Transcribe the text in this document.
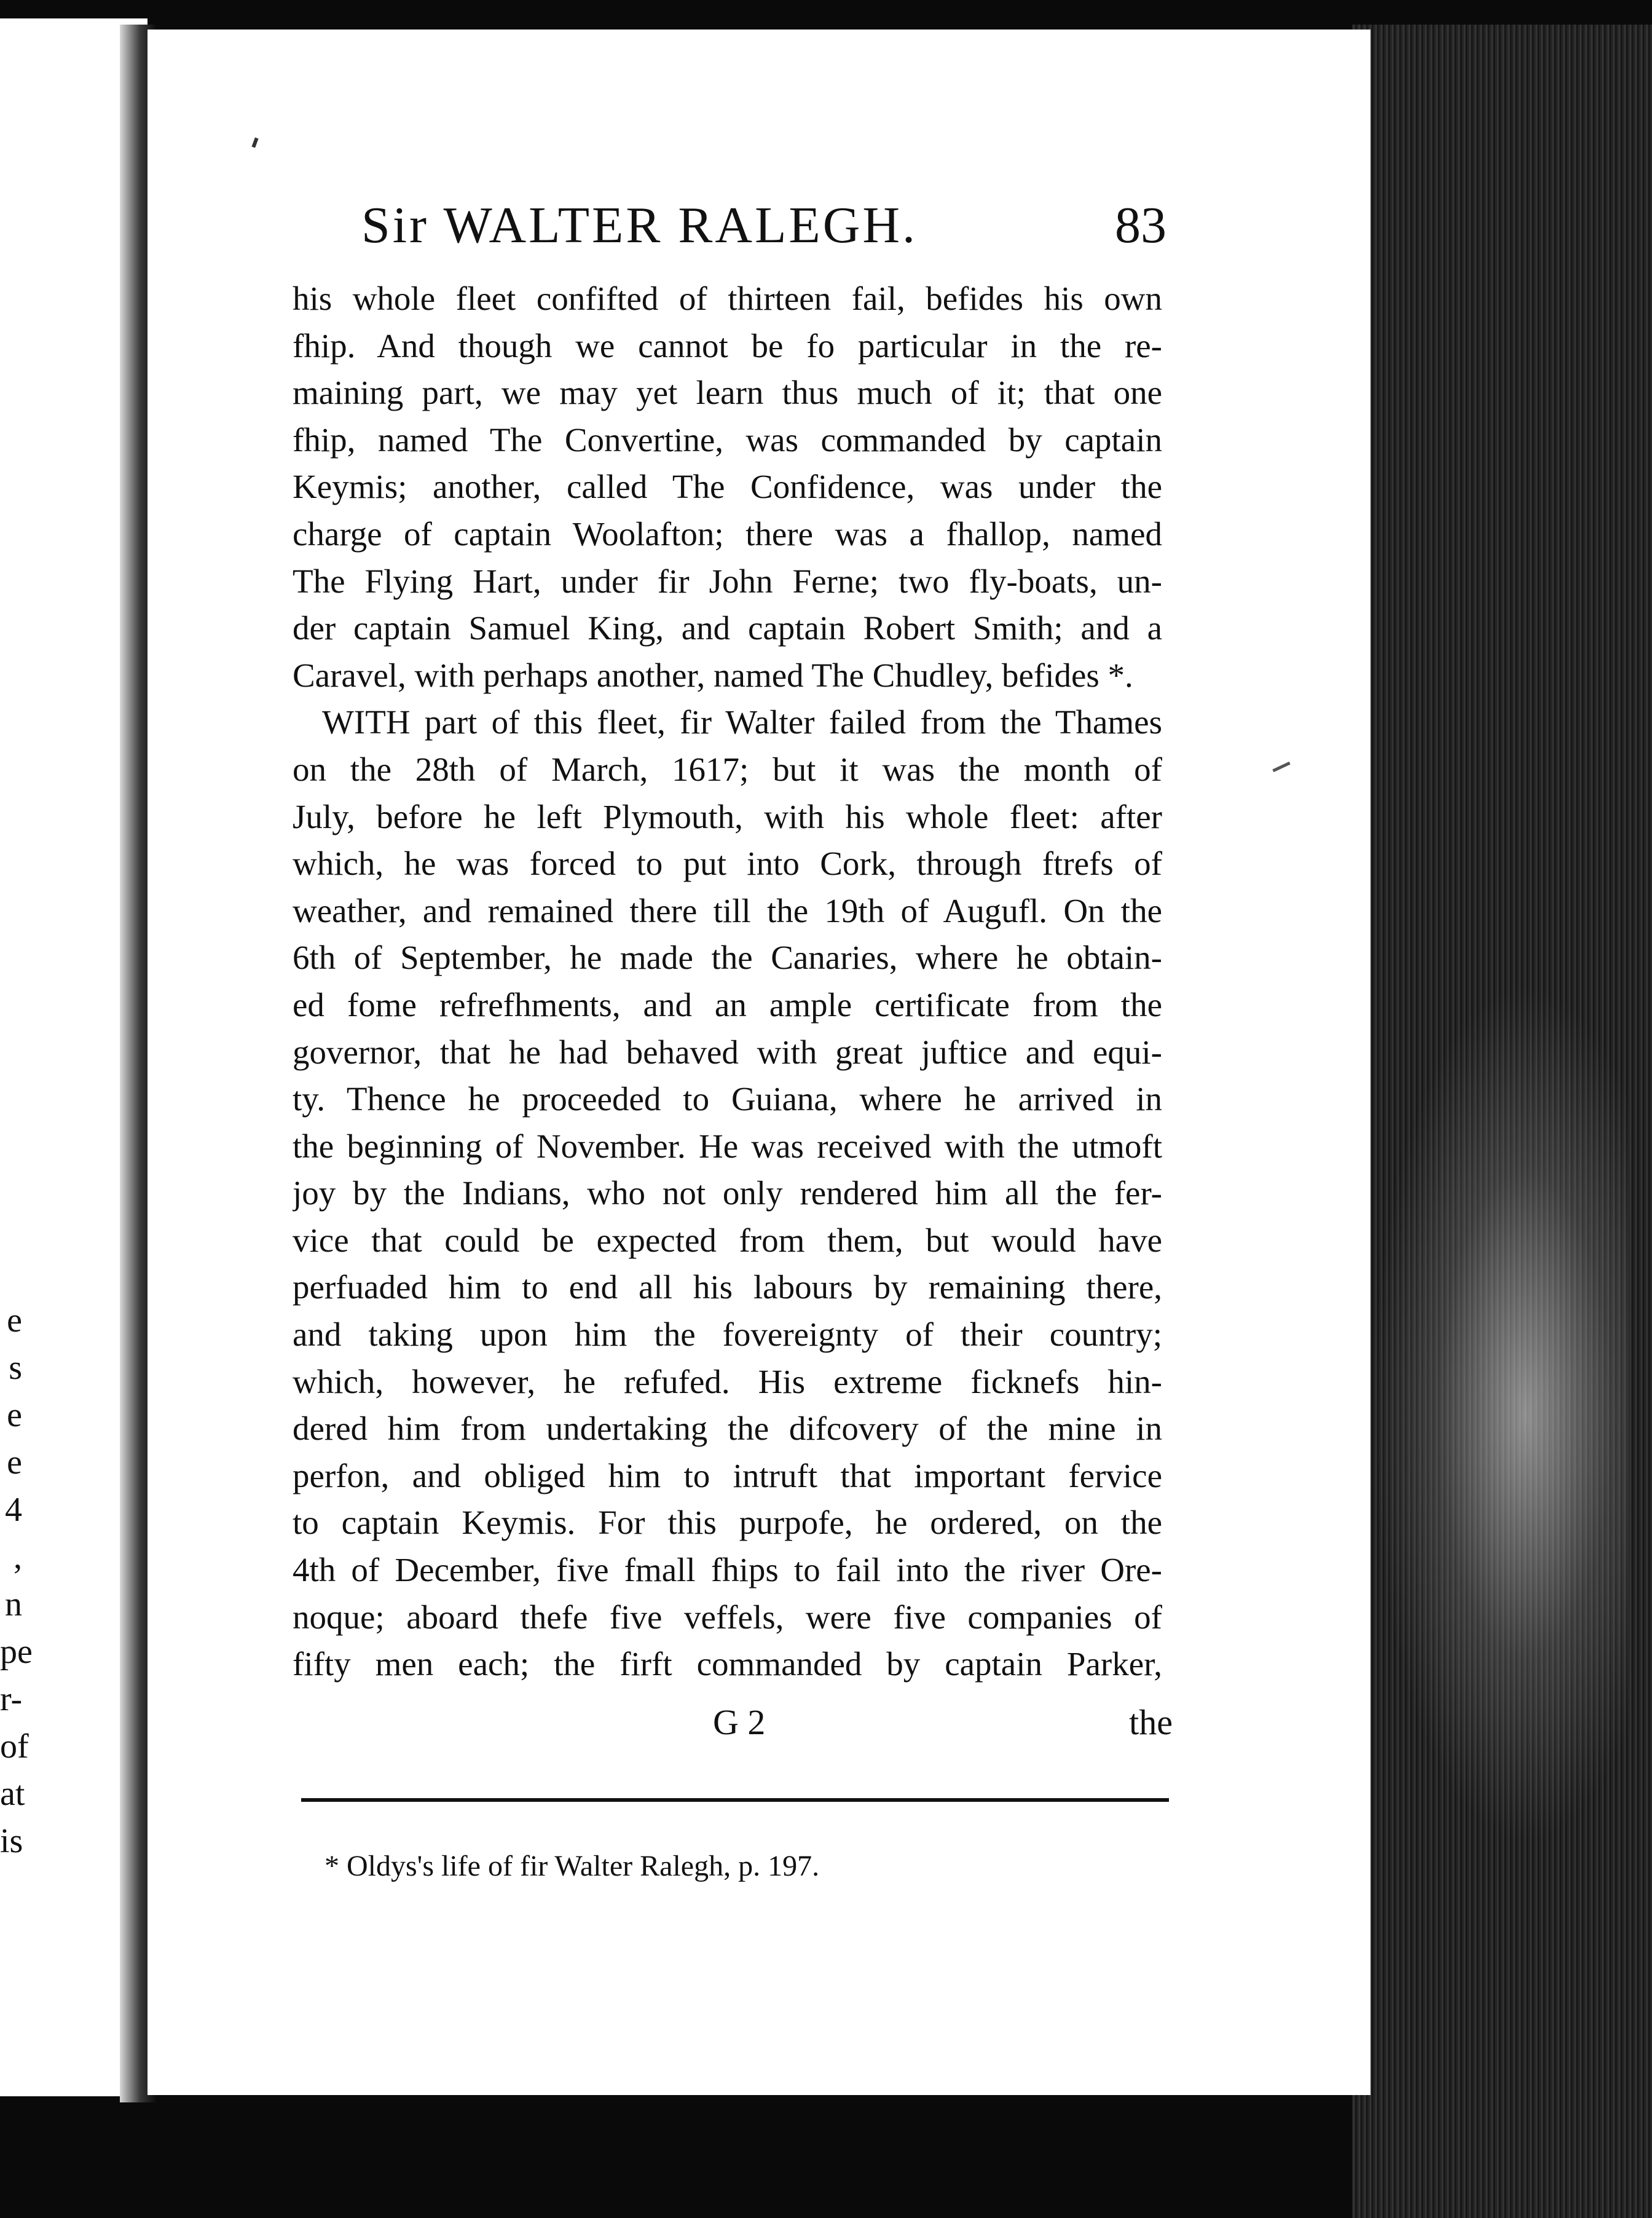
e
s
e
e
4
,
n
pe
r-
of
at
is
Sir WALTER RALEGH.	83
his whole fleet confifted of thirteen fail, befides his own
fhip. And though we cannot be fo particular in the re-
maining part, we may yet learn thus much of it; that one
fhip, named The Convertine, was commanded by captain
Keymis; another, called The Confidence, was under the
charge of captain Woolafton; there was a fhallop, named
The Flying Hart, under fir John Ferne; two fly-boats, un-
der captain Samuel King, and captain Robert Smith; and a
Caravel, with perhaps another, named The Chudley, befides *.
WITH part of this fleet, fir Walter failed from the Thames
on the 28th of March, 1617; but it was the month of
July, before he left Plymouth, with his whole fleet: after
which, he was forced to put into Cork, through ftrefs of
weather, and remained there till the 19th of Augufl. On the
6th of September, he made the Canaries, where he obtain-
ed fome refrefhments, and an ample certificate from the
governor, that he had behaved with great juftice and equi-
ty. Thence he proceeded to Guiana, where he arrived in
the beginning of November. He was received with the utmoft
joy by the Indians, who not only rendered him all the fer-
vice that could be expected from them, but would have
perfuaded him to end all his labours by remaining there,
and taking upon him the fovereignty of their country;
which, however, he refufed. His extreme ficknefs hin-
dered him from undertaking the difcovery of the mine in
perfon, and obliged him to intruft that important fervice
to captain Keymis. For this purpofe, he ordered, on the
4th of December, five fmall fhips to fail into the river Ore-
noque; aboard thefe five veffels, were five companies of
fifty men each; the firft commanded by captain Parker,
G 2	the
* Oldys's life of fir Walter Ralegh, p. 197.
